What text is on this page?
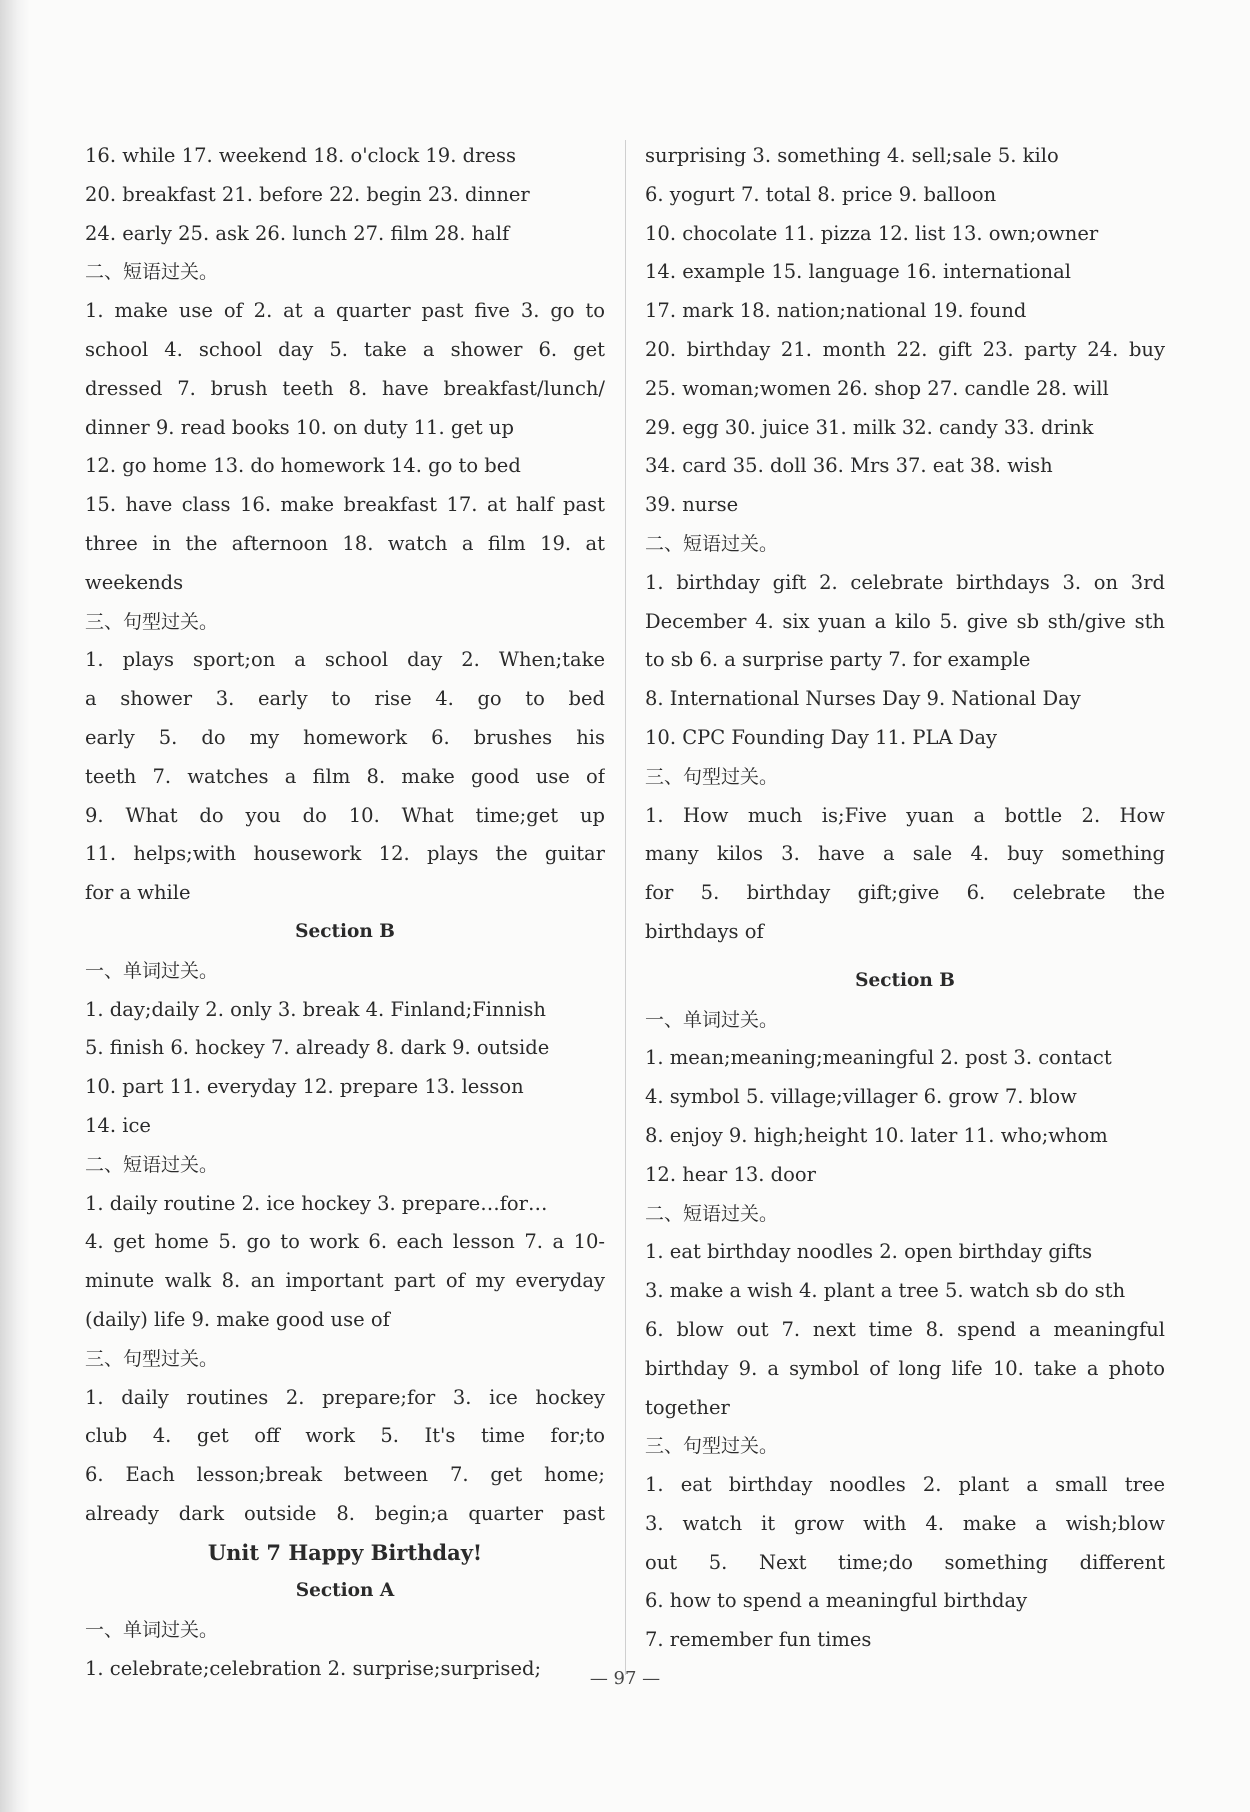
16. while 17. weekend 18. o'clock 19. dress
20. breakfast 21. before 22. begin 23. dinner
24. early 25. ask 26. lunch 27. film 28. half
二、短语过关。
1. make use of 2. at a quarter past five 3. go to
school 4. school day 5. take a shower 6. get
dressed 7. brush teeth 8. have breakfast/lunch/
dinner 9. read books 10. on duty 11. get up
12. go home 13. do homework 14. go to bed
15. have class 16. make breakfast 17. at half past
three in the afternoon 18. watch a film 19. at
weekends
三、句型过关。
1. plays sport;on a school day 2. When;take
a shower 3. early to rise 4. go to bed
early 5. do my homework 6. brushes his
teeth 7. watches a film 8. make good use of
9. What do you do 10. What time;get up
11. helps;with housework 12. plays the guitar
for a while
Section B
一、单词过关。
1. day;daily 2. only 3. break 4. Finland;Finnish
5. finish 6. hockey 7. already 8. dark 9. outside
10. part 11. everyday 12. prepare 13. lesson
14. ice
二、短语过关。
1. daily routine 2. ice hockey 3. prepare…for…
4. get home 5. go to work 6. each lesson 7. a 10-
minute walk 8. an important part of my everyday
(daily) life 9. make good use of
三、句型过关。
1. daily routines 2. prepare;for 3. ice hockey
club 4. get off work 5. It's time for;to
6. Each lesson;break between 7. get home;
already dark outside 8. begin;a quarter past
Unit 7 Happy Birthday!
Section A
一、单词过关。
1. celebrate;celebration 2. surprise;surprised;
surprising 3. something 4. sell;sale 5. kilo
6. yogurt 7. total 8. price 9. balloon
10. chocolate 11. pizza 12. list 13. own;owner
14. example 15. language 16. international
17. mark 18. nation;national 19. found
20. birthday 21. month 22. gift 23. party 24. buy
25. woman;women 26. shop 27. candle 28. will
29. egg 30. juice 31. milk 32. candy 33. drink
34. card 35. doll 36. Mrs 37. eat 38. wish
39. nurse
二、短语过关。
1. birthday gift 2. celebrate birthdays 3. on 3rd
December 4. six yuan a kilo 5. give sb sth/give sth
to sb 6. a surprise party 7. for example
8. International Nurses Day 9. National Day
10. CPC Founding Day 11. PLA Day
三、句型过关。
1. How much is;Five yuan a bottle 2. How
many kilos 3. have a sale 4. buy something
for 5. birthday gift;give 6. celebrate the
birthdays of
Section B
一、单词过关。
1. mean;meaning;meaningful 2. post 3. contact
4. symbol 5. village;villager 6. grow 7. blow
8. enjoy 9. high;height 10. later 11. who;whom
12. hear 13. door
二、短语过关。
1. eat birthday noodles 2. open birthday gifts
3. make a wish 4. plant a tree 5. watch sb do sth
6. blow out 7. next time 8. spend a meaningful
birthday 9. a symbol of long life 10. take a photo
together
三、句型过关。
1. eat birthday noodles 2. plant a small tree
3. watch it grow with 4. make a wish;blow
out 5. Next time;do something different
6. how to spend a meaningful birthday
7. remember fun times
— 97 —
